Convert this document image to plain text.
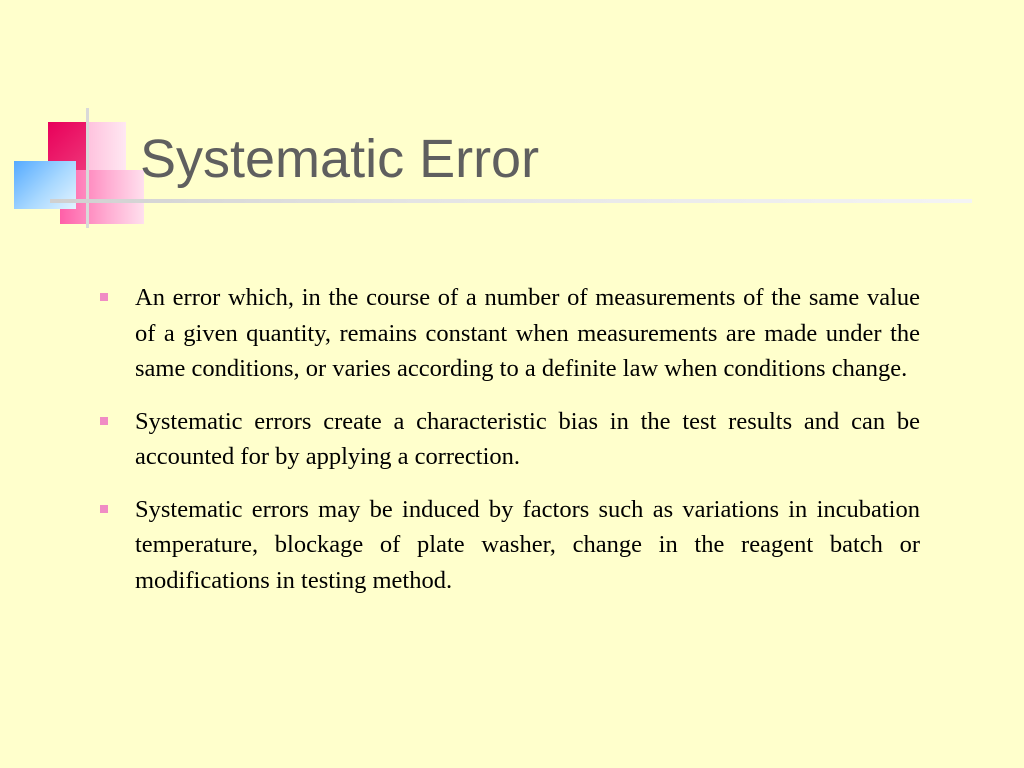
Systematic Error
An error which, in the course of a number of measurements of the same value of a given quantity, remains constant when measurements are made under the same conditions, or varies according to a definite law when conditions change.
Systematic errors create a characteristic bias in the test results and can be accounted for by applying a correction.
Systematic errors may be induced by factors such as variations in incubation temperature, blockage of plate washer, change in the reagent batch or modifications in testing method.
